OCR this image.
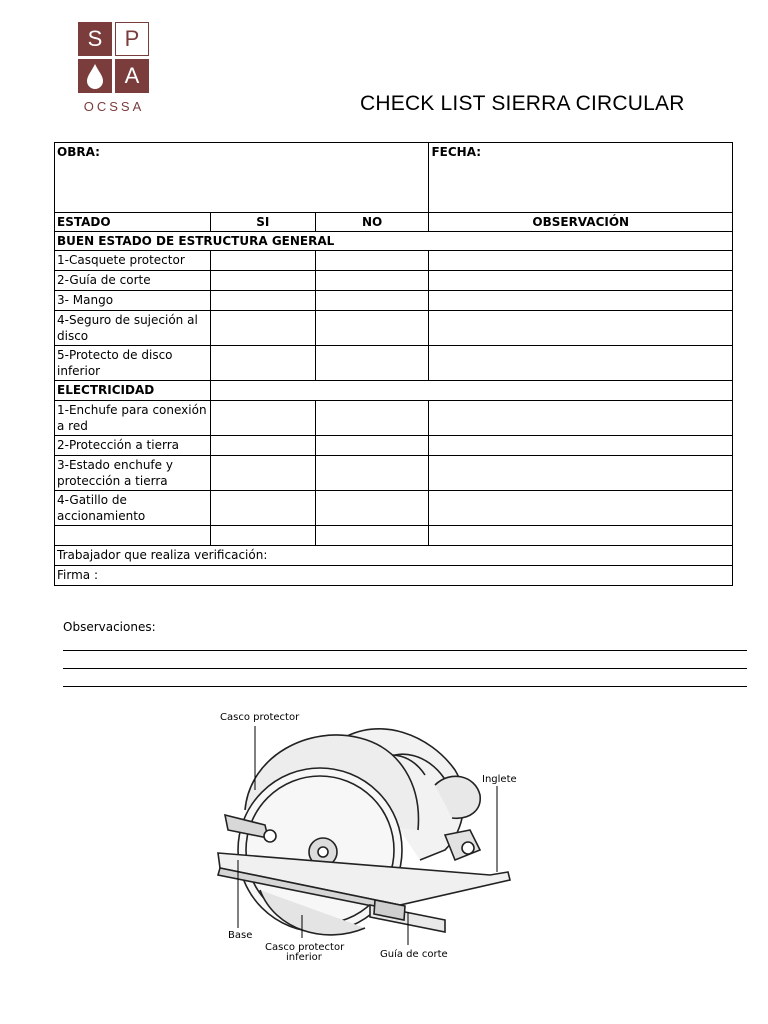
S	P
A
OCSSA	CHECK LIST SIERRA CIRCULAR
OBRA:			FECHA:
ESTADO	SI	NO	OBSERVACIÓN
BUEN ESTADO DE ESTRUCTURA GENERAL			
1-Casquete protector			
2-Guía de corte			
3- Mango			
4-Seguro de sujeción al disco			
5-Protecto de disco inferior			
ELECTRICIDAD			
1-Enchufe para conexión a red			
2-Protección a tierra			
3-Estado enchufe y protección a tierra			
4-Gatillo de accionamiento			

Trabajador que realiza verificación:			
Firma :			
Observaciones:
Casco protector
Inglete
Base
Casco protector
inferior	Guía de corte
